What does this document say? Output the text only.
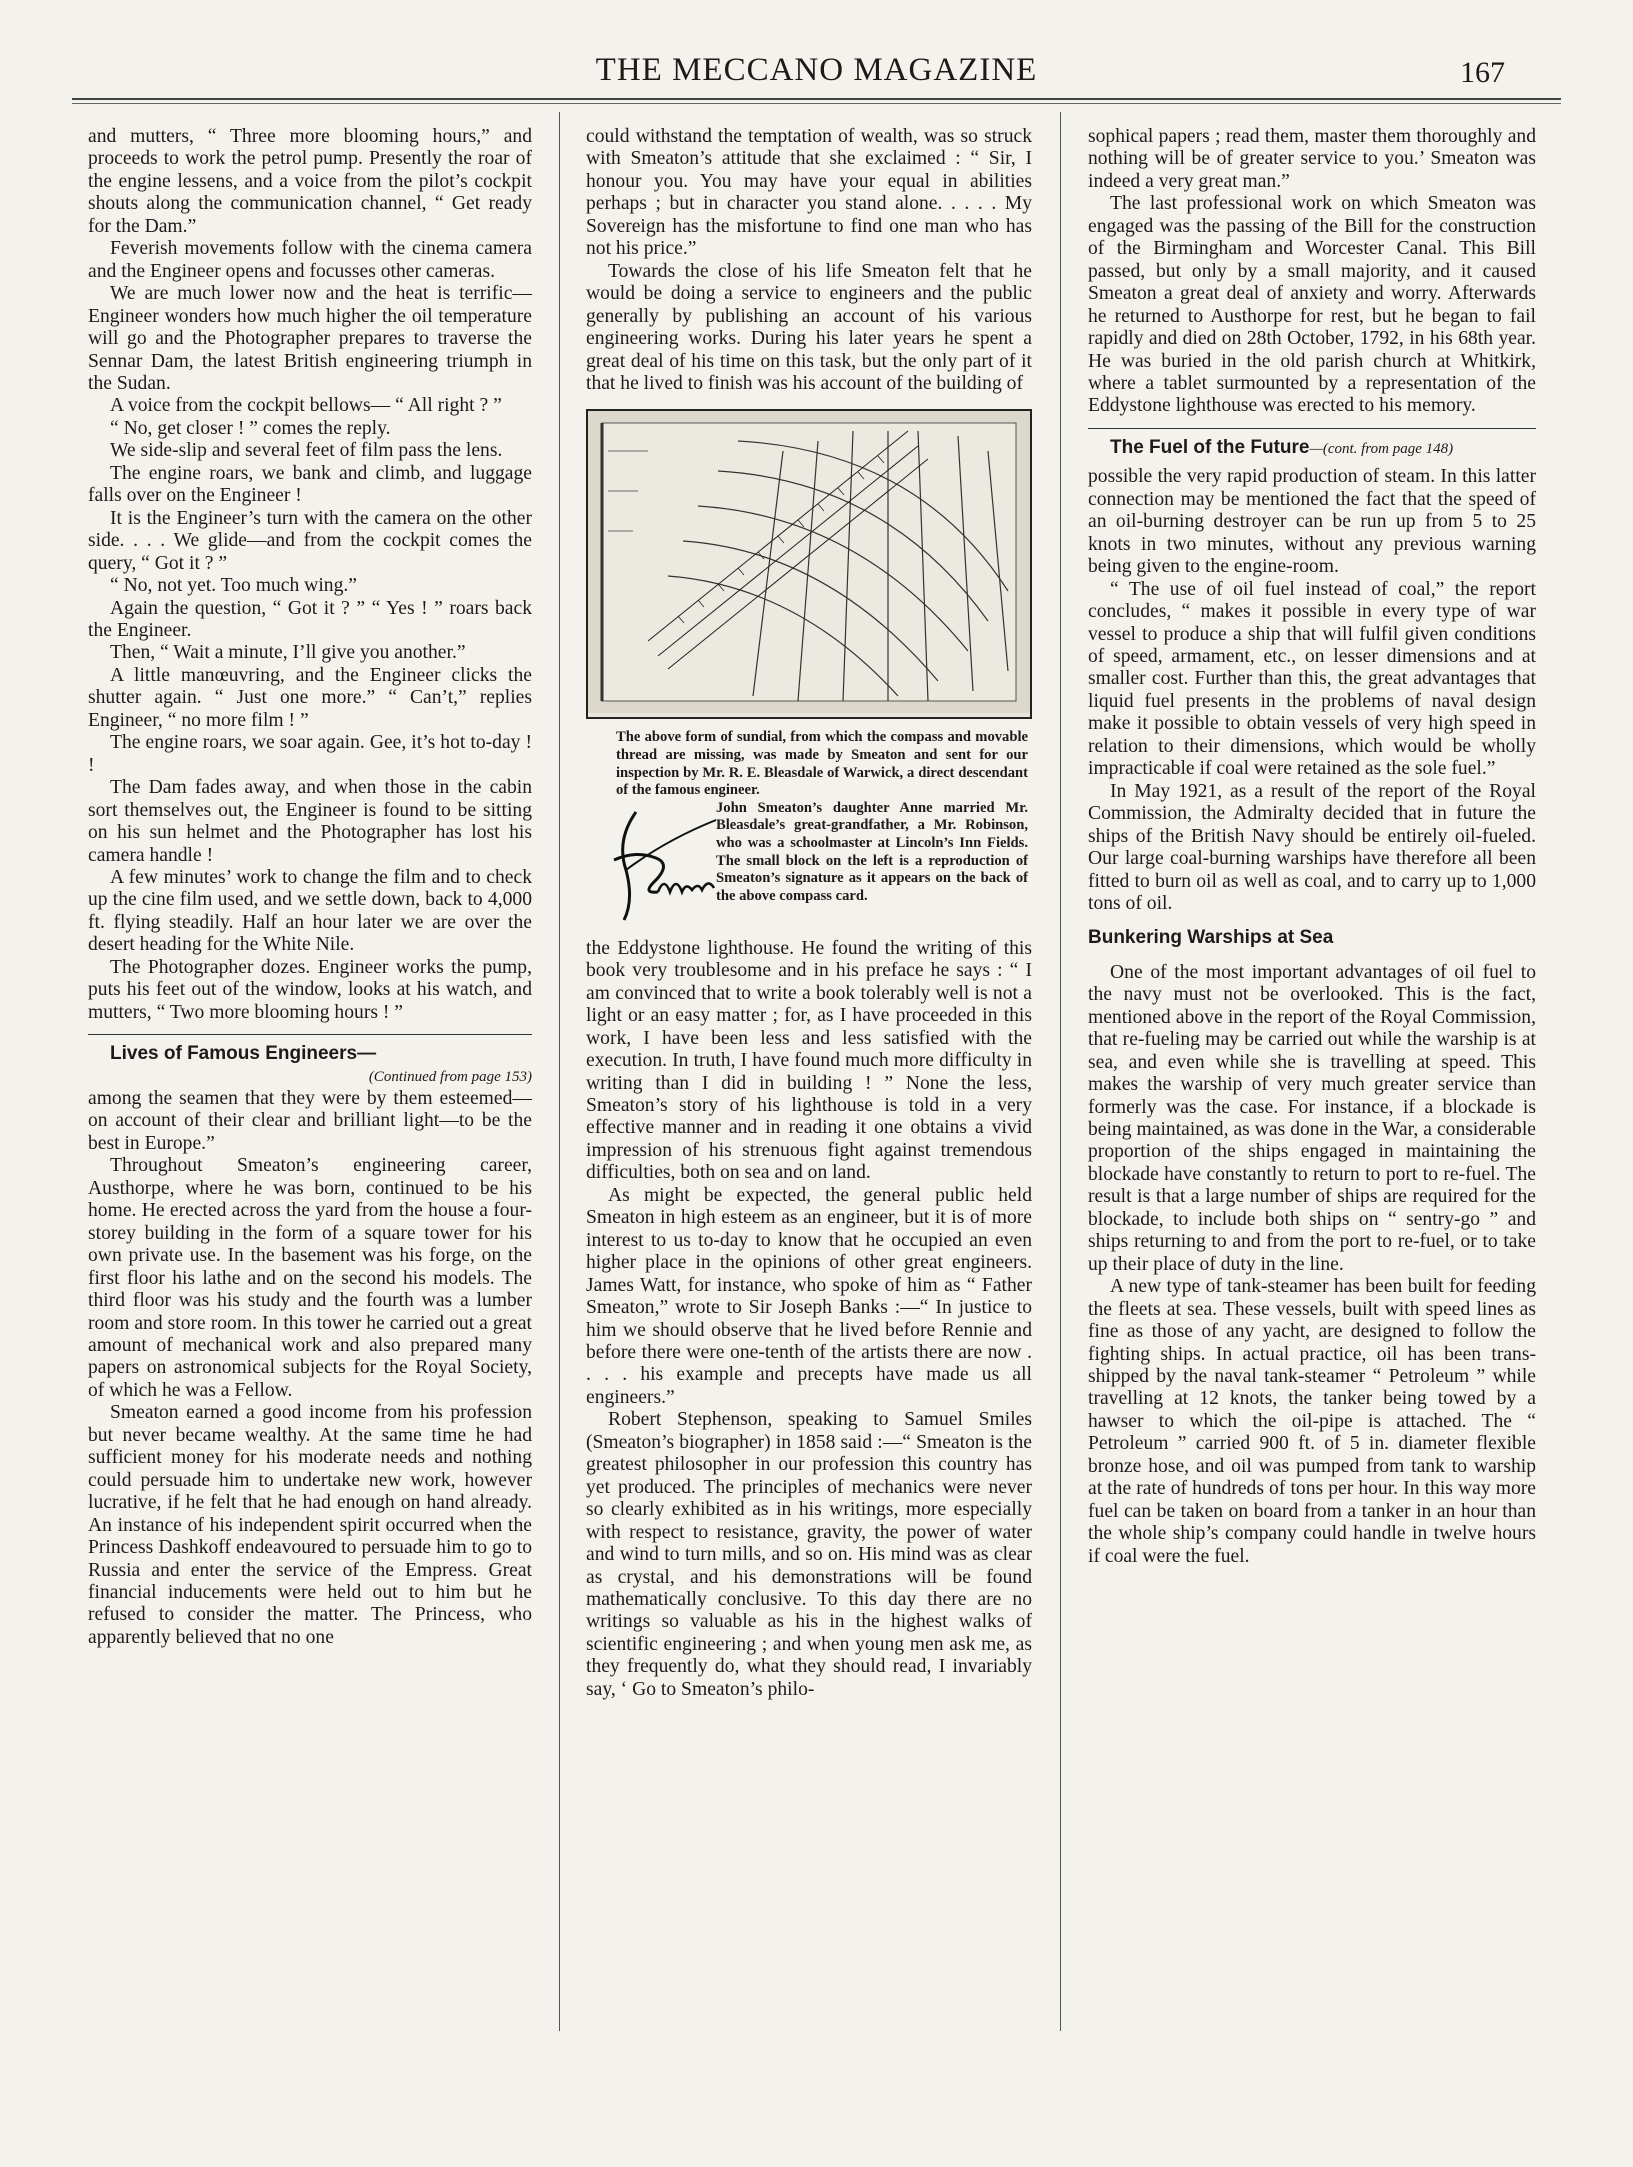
THE MECCANO MAGAZINE	167

and mutters, “ Three more blooming hours,” and proceeds to work the petrol pump. Presently the roar of the engine lessens, and a voice from the pilot’s cockpit shouts along the communication channel, “ Get ready for the Dam.”

Feverish movements follow with the cinema camera and the Engineer opens and focusses other cameras.

We are much lower now and the heat is terrific—Engineer wonders how much higher the oil temperature will go and the Photographer prepares to traverse the Sennar Dam, the latest British engineering triumph in the Sudan.

A voice from the cockpit bellows— “ All right ? ”

“ No, get closer ! ” comes the reply.

We side-slip and several feet of film pass the lens.

The engine roars, we bank and climb, and luggage falls over on the Engineer !

It is the Engineer’s turn with the camera on the other side. . . . We glide—and from the cockpit comes the query, “ Got it ? ”

“ No, not yet. Too much wing.”

Again the question, “ Got it ? ” “ Yes ! ” roars back the Engineer.

Then, “ Wait a minute, I’ll give you another.”

A little manœuvring, and the Engineer clicks the shutter again. “ Just one more.” “ Can’t,” replies Engineer, “ no more film ! ”

The engine roars, we soar again. Gee, it’s hot to-day ! !

The Dam fades away, and when those in the cabin sort themselves out, the Engineer is found to be sitting on his sun helmet and the Photographer has lost his camera handle !

A few minutes’ work to change the film and to check up the cine film used, and we settle down, back to 4,000 ft. flying steadily. Half an hour later we are over the desert heading for the White Nile.

The Photographer dozes. Engineer works the pump, puts his feet out of the window, looks at his watch, and mutters, “ Two more blooming hours ! ”

Lives of Famous Engineers—

(Continued from page 153)

among the seamen that they were by them esteemed—on account of their clear and brilliant light—to be the best in Europe.”

Throughout Smeaton’s engineering career, Austhorpe, where he was born, continued to be his home. He erected across the yard from the house a four-storey building in the form of a square tower for his own private use. In the basement was his forge, on the first floor his lathe and on the second his models. The third floor was his study and the fourth was a lumber room and store room. In this tower he carried out a great amount of mechanical work and also prepared many papers on astronomical subjects for the Royal Society, of which he was a Fellow.

Smeaton earned a good income from his profession but never became wealthy. At the same time he had sufficient money for his moderate needs and nothing could persuade him to undertake new work, however lucrative, if he felt that he had enough on hand already. An instance of his independent spirit occurred when the Princess Dashkoff endeavoured to persuade him to go to Russia and enter the service of the Empress. Great financial inducements were held out to him but he refused to consider the matter. The Princess, who apparently believed that no one

could withstand the temptation of wealth, was so struck with Smeaton’s attitude that she exclaimed : “ Sir, I honour you. You may have your equal in abilities perhaps ; but in character you stand alone. . . . . My Sovereign has the misfortune to find one man who has not his price.”

Towards the close of his life Smeaton felt that he would be doing a service to engineers and the public generally by publishing an account of his various engineering works. During his later years he spent a great deal of his time on this task, but the only part of it that he lived to finish was his account of the building of

The above form of sundial, from which the compass and movable thread are missing, was made by Smeaton and sent for our inspection by Mr. R. E. Bleasdale of Warwick, a direct descendant of the famous engineer.
John Smeaton’s daughter Anne married Mr. Bleasdale’s great-grandfather, a Mr. Robinson, who was a schoolmaster at Lincoln’s Inn Fields. The small block on the left is a reproduction of Smeaton’s signature as it appears on the back of the above compass card.

the Eddystone lighthouse. He found the writing of this book very troublesome and in his preface he says : “ I am convinced that to write a book tolerably well is not a light or an easy matter ; for, as I have proceeded in this work, I have been less and less satisfied with the execution. In truth, I have found much more difficulty in writing than I did in building ! ” None the less, Smeaton’s story of his lighthouse is told in a very effective manner and in reading it one obtains a vivid impression of his strenuous fight against tremendous difficulties, both on sea and on land.

As might be expected, the general public held Smeaton in high esteem as an engineer, but it is of more interest to us to-day to know that he occupied an even higher place in the opinions of other great engineers. James Watt, for instance, who spoke of him as “ Father Smeaton,” wrote to Sir Joseph Banks :—“ In justice to him we should observe that he lived before Rennie and before there were one-tenth of the artists there are now . . . . his example and precepts have made us all engineers.”

Robert Stephenson, speaking to Samuel Smiles (Smeaton’s biographer) in 1858 said :—“ Smeaton is the greatest philosopher in our profession this country has yet produced. The principles of mechanics were never so clearly exhibited as in his writings, more especially with respect to resistance, gravity, the power of water and wind to turn mills, and so on. His mind was as clear as crystal, and his demonstrations will be found mathematically conclusive. To this day there are no writings so valuable as his in the highest walks of scientific engineering ; and when young men ask me, as they frequently do, what they should read, I invariably say, ‘ Go to Smeaton’s philo-

sophical papers ; read them, master them thoroughly and nothing will be of greater service to you.’ Smeaton was indeed a very great man.”

The last professional work on which Smeaton was engaged was the passing of the Bill for the construction of the Birmingham and Worcester Canal. This Bill passed, but only by a small majority, and it caused Smeaton a great deal of anxiety and worry. Afterwards he returned to Austhorpe for rest, but he began to fail rapidly and died on 28th October, 1792, in his 68th year. He was buried in the old parish church at Whitkirk, where a tablet surmounted by a representation of the Eddystone lighthouse was erected to his memory.

The Fuel of the Future—(cont. from page 148)

possible the very rapid production of steam. In this latter connection may be mentioned the fact that the speed of an oil-burning destroyer can be run up from 5 to 25 knots in two minutes, without any previous warning being given to the engine-room.

“ The use of oil fuel instead of coal,” the report concludes, “ makes it possible in every type of war vessel to produce a ship that will fulfil given conditions of speed, armament, etc., on lesser dimensions and at smaller cost. Further than this, the great advantages that liquid fuel presents in the problems of naval design make it possible to obtain vessels of very high speed in relation to their dimensions, which would be wholly impracticable if coal were retained as the sole fuel.”

In May 1921, as a result of the report of the Royal Commission, the Admiralty decided that in future the ships of the British Navy should be entirely oil-fueled. Our large coal-burning warships have therefore all been fitted to burn oil as well as coal, and to carry up to 1,000 tons of oil.

Bunkering Warships at Sea

One of the most important advantages of oil fuel to the navy must not be overlooked. This is the fact, mentioned above in the report of the Royal Commission, that re-fueling may be carried out while the warship is at sea, and even while she is travelling at speed. This makes the warship of very much greater service than formerly was the case. For instance, if a blockade is being maintained, as was done in the War, a considerable proportion of the ships engaged in maintaining the blockade have constantly to return to port to re-fuel. The result is that a large number of ships are required for the blockade, to include both ships on “ sentry-go ” and ships returning to and from the port to re-fuel, or to take up their place of duty in the line.

A new type of tank-steamer has been built for feeding the fleets at sea. These vessels, built with speed lines as fine as those of any yacht, are designed to follow the fighting ships. In actual practice, oil has been trans-shipped by the naval tank-steamer “ Petroleum ” while travelling at 12 knots, the tanker being towed by a hawser to which the oil-pipe is attached. The “ Petroleum ” carried 900 ft. of 5 in. diameter flexible bronze hose, and oil was pumped from tank to warship at the rate of hundreds of tons per hour. In this way more fuel can be taken on board from a tanker in an hour than the whole ship’s company could handle in twelve hours if coal were the fuel.
